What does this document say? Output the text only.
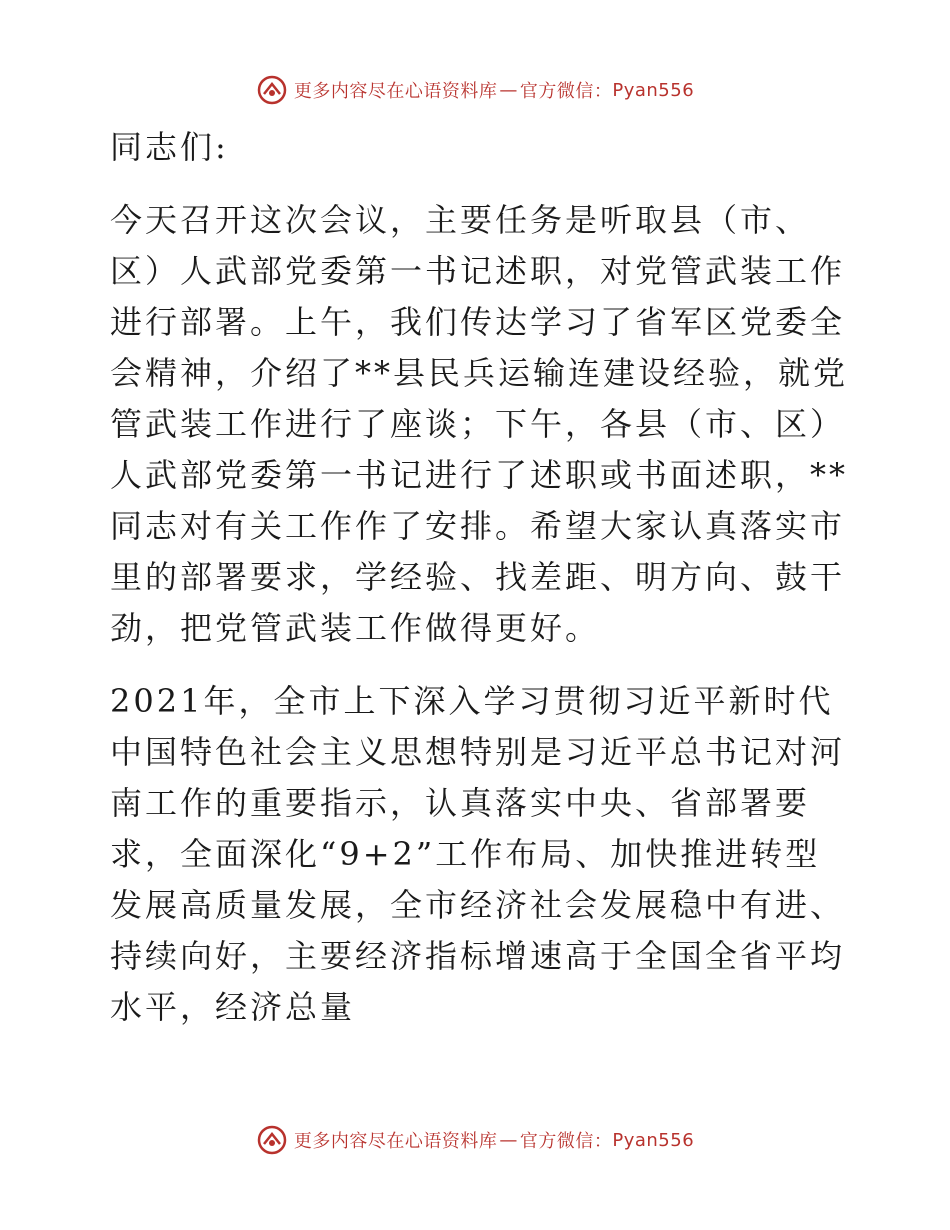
更多内容尽在心语资料库 — 官方微信： Pyan556

同志们:

今天召开这次会议，主要任务是听取县（市、区）人武部党委第一书记述职，对党管武装工作进行部署。上午，我们传达学习了省军区党委全会精神，介绍了**县民兵运输连建设经验，就党管武装工作进行了座谈；下午，各县（市、区）人武部党委第一书记进行了述职或书面述职，**同志对有关工作作了安排。希望大家认真落实市里的部署要求，学经验、找差距、明方向、鼓干劲，把党管武装工作做得更好。

2021年，全市上下深入学习贯彻习近平新时代中国特色社会主义思想特别是习近平总书记对河南工作的重要指示，认真落实中央、省部署要求，全面深化“9+2”工作布局、加快推进转型发展高质量发展，全市经济社会发展稳中有进、持续向好，主要经济指标增速高于全国全省平均水平，经济总量

更多内容尽在心语资料库 — 官方微信： Pyan556
